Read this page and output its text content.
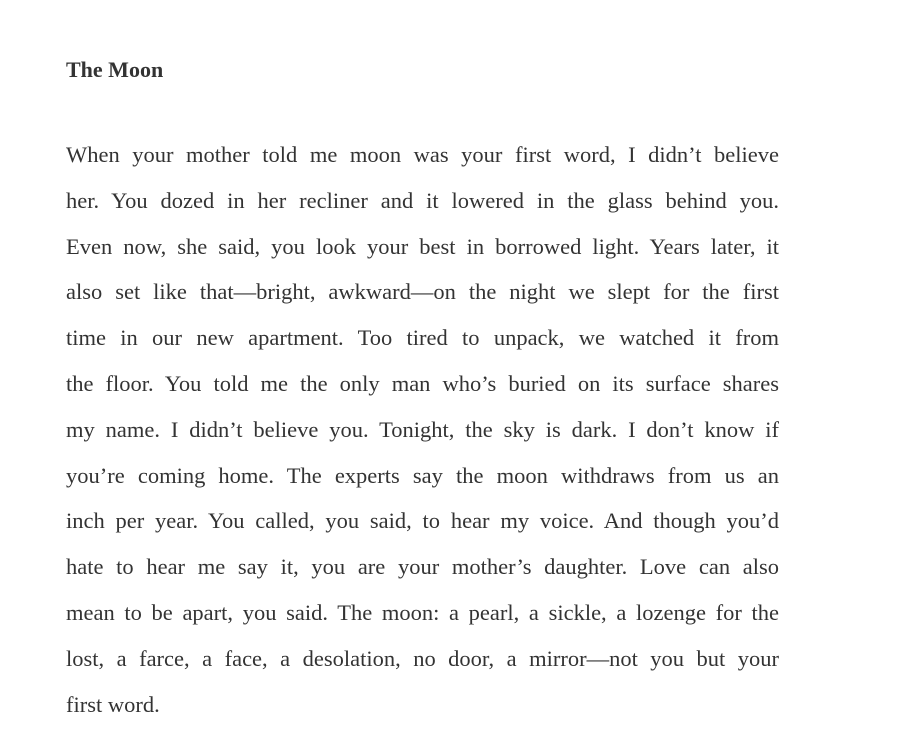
The Moon
When your mother told me moon was your first word, I didn’t believe
her. You dozed in her recliner and it lowered in the glass behind you.
Even now, she said, you look your best in borrowed light. Years later, it
also set like that—bright, awkward—on the night we slept for the first
time in our new apartment. Too tired to unpack, we watched it from
the floor. You told me the only man who’s buried on its surface shares
my name. I didn’t believe you. Tonight, the sky is dark. I don’t know if
you’re coming home. The experts say the moon withdraws from us an
inch per year. You called, you said, to hear my voice. And though you’d
hate to hear me say it, you are your mother’s daughter. Love can also
mean to be apart, you said. The moon: a pearl, a sickle, a lozenge for the
lost, a farce, a face, a desolation, no door, a mirror—not you but your
first word.
